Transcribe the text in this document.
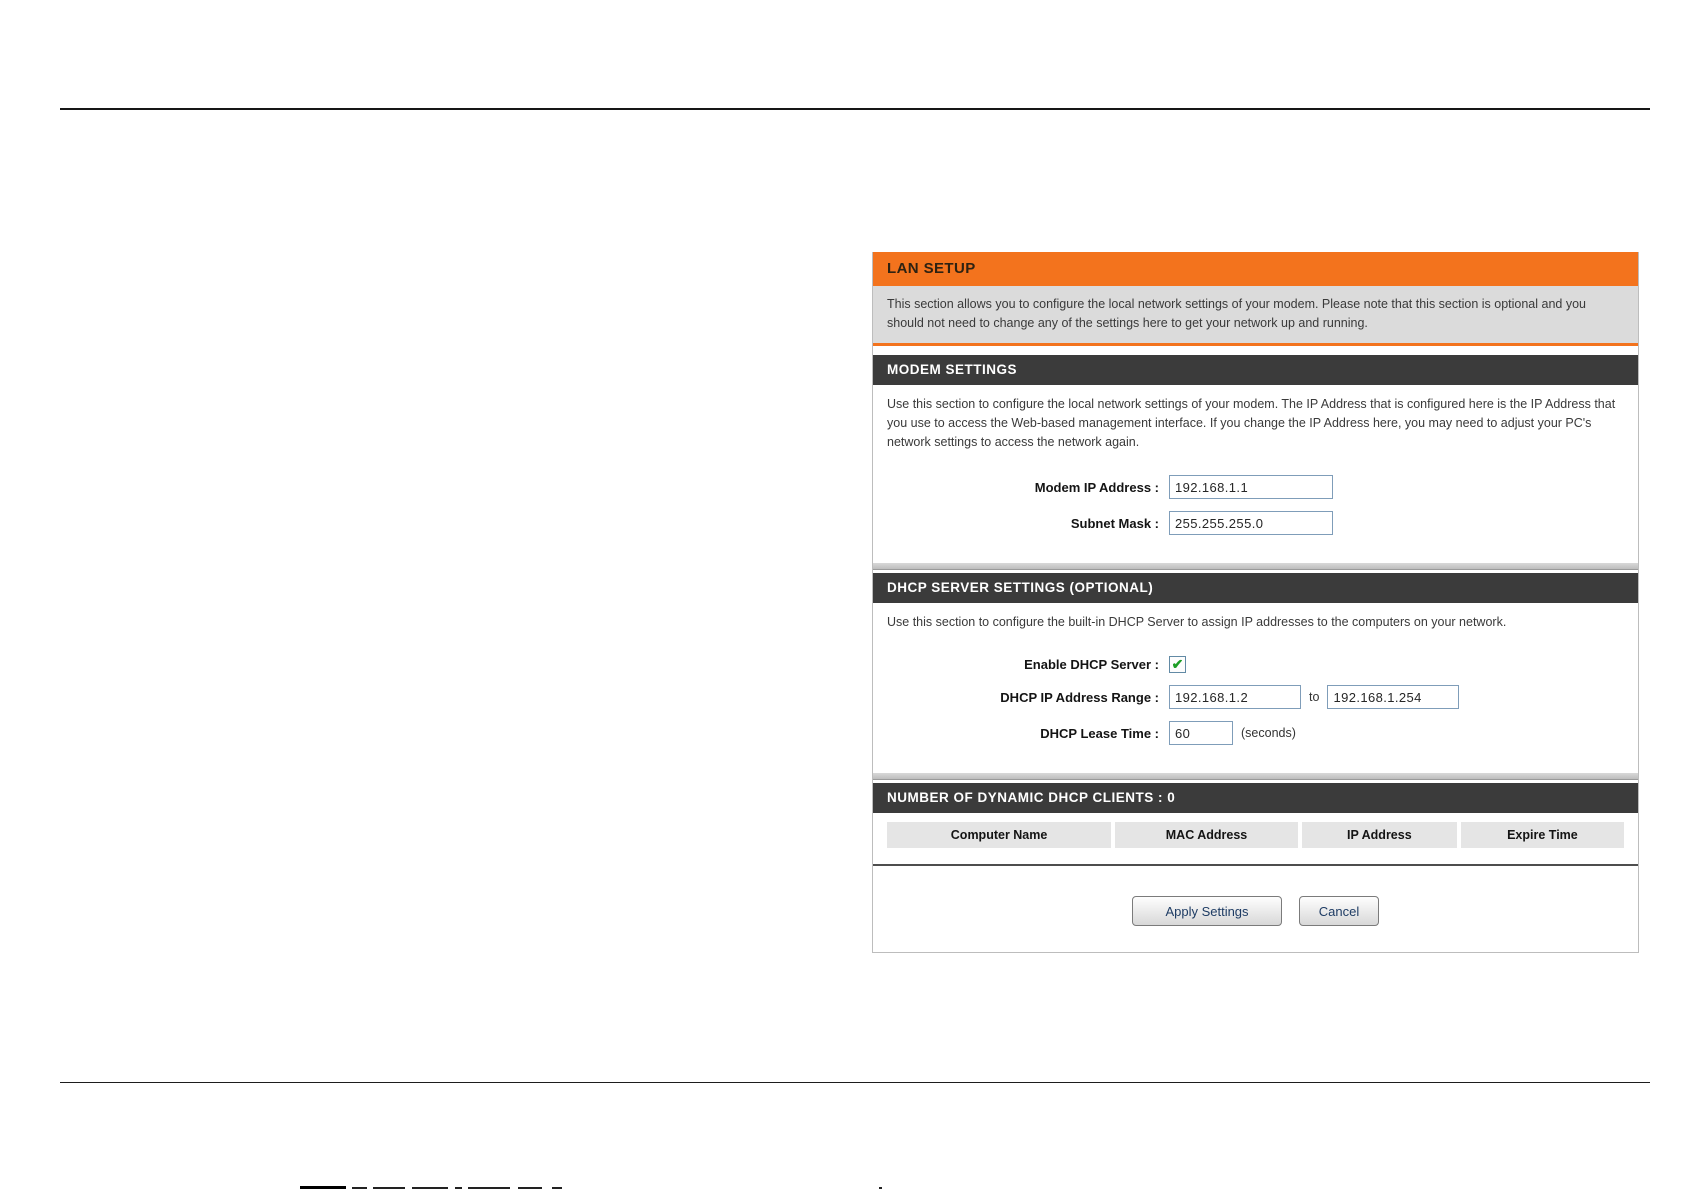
LAN SETUP
This section allows you to configure the local network settings of your modem. Please note that this section is optional and you should not need to change any of the settings here to get your network up and running.
MODEM SETTINGS
Use this section to configure the local network settings of your modem. The IP Address that is configured here is the IP Address that you use to access the Web-based management interface. If you change the IP Address here, you may need to adjust your PC's network settings to access the network again.
Modem IP Address :
192.168.1.1
Subnet Mask :
255.255.255.0
DHCP SERVER SETTINGS (OPTIONAL)
Use this section to configure the built-in DHCP Server to assign IP addresses to the computers on your network.
Enable DHCP Server : ✔
DHCP IP Address Range :
192.168.1.2	to
192.168.1.254
DHCP Lease Time :
60	(seconds)
NUMBER OF DYNAMIC DHCP CLIENTS : 0
Computer Name	MAC Address	IP Address	Expire Time
Apply Settings	Cancel
